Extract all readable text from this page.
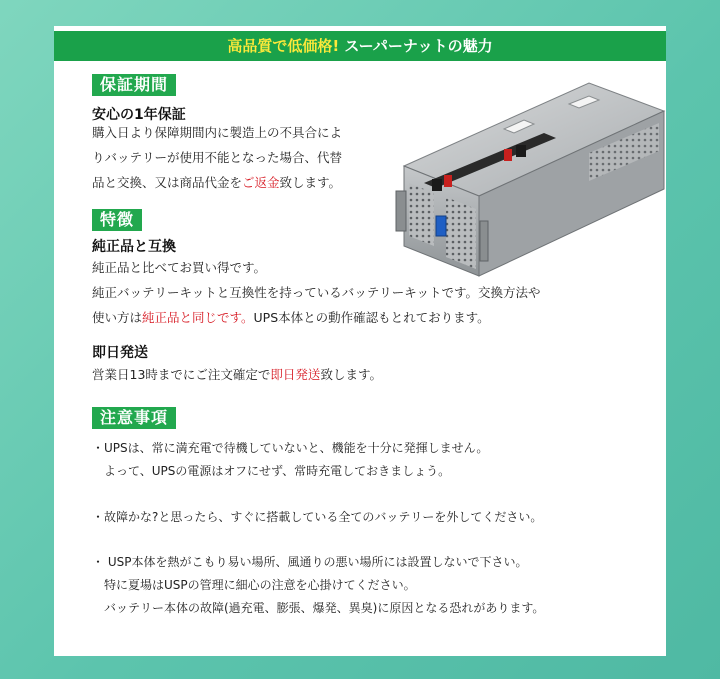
高品質で低価格! スーパーナットの魅力
保証期間
安心の1年保証
購入日より保障期間内に製造上の不具合によ
りバッテリーが使用不能となった場合、代替
品と交換、又は商品代金をご返金致します。
特徴
純正品と互換
純正品と比べてお買い得です。
純正バッテリーキットと互換性を持っているバッテリーキットです。交換方法や
使い方は純正品と同じです。UPS本体との動作確認もとれております。
即日発送
営業日13時までにご注文確定で即日発送致します。
注意事項
・UPSは、常に満充電で待機していないと、機能を十分に発揮しません。
　よって、UPSの電源はオフにせず、常時充電しておきましょう。
・故障かな?と思ったら、すぐに搭載している全てのバッテリーを外してください。
・ USP本体を熱がこもり易い場所、風通りの悪い場所には設置しないで下さい。
　特に夏場はUSPの管理に細心の注意を心掛けてください。
　バッテリー本体の故障(過充電、膨張、爆発、異臭)に原因となる恐れがあります。
